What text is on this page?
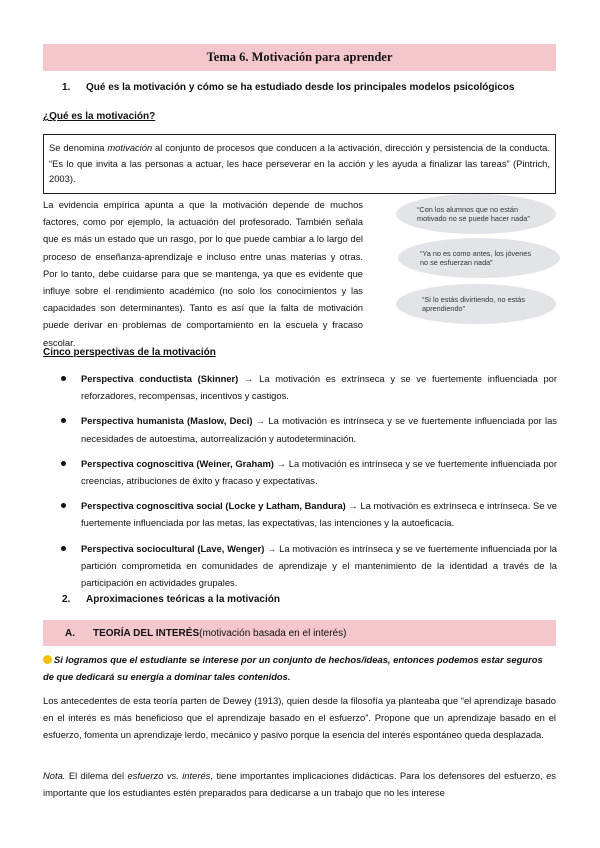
Tema 6. Motivación para aprender
1. Qué es la motivación y cómo se ha estudiado desde los principales modelos psicológicos
¿Qué es la motivación?
Se denomina motivación al conjunto de procesos que conducen a la activación, dirección y persistencia de la conducta. “Es lo que invita a las personas a actuar, les hace perseverar en la acción y les ayuda a finalizar las tareas” (Pintrich, 2003).
La evidencia empírica apunta a que la motivación depende de muchos factores, como por ejemplo, la actuación del profesorado. También señala que es más un estado que un rasgo, por lo que puede cambiar a lo largo del proceso de enseñanza-aprendizaje e incluso entre unas materias y otras. Por lo tanto, debe cuidarse para que se mantenga, ya que es evidente que influye sobre el rendimiento académico (no solo los conocimientos y las capacidades son determinantes). Tanto es así que la falta de motivación puede derivar en problemas de comportamiento en la escuela y fracaso escolar.
“Con los alumnos que no están motivado no se puede hacer nada”
“Ya no es como antes, los jóvenes no se esfuerzan nada”
“Si lo estás divirtiendo, no estás aprendiendo”
Cinco perspectivas de la motivación
Perspectiva conductista (Skinner) → La motivación es extrínseca y se ve fuertemente influenciada por reforzadores, recompensas, incentivos y castigos.
Perspectiva humanista (Maslow, Deci) → La motivación es intrínseca y se ve fuertemente influenciada por las necesidades de autoestima, autorrealización y autodeterminación.
Perspectiva cognoscitiva (Weiner, Graham) → La motivación es intrínseca y se ve fuertemente influenciada por creencias, atribuciones de éxito y fracaso y expectativas.
Perspectiva cognoscitiva social (Locke y Latham, Bandura) → La motivación es extrínseca e intrínseca. Se ve fuertemente influenciada por las metas, las expectativas, las intenciones y la autoeficacia.
Perspectiva sociocultural (Lave, Wenger) → La motivación es intrínseca y se ve fuertemente influenciada por la partición comprometida en comunidades de aprendizaje y el mantenimiento de la identidad a través de la participación en actividades grupales.
2. Aproximaciones teóricas a la motivación
A.	TEORÍA DEL INTERÉS (motivación basada en el interés)
Si logramos que el estudiante se interese por un conjunto de hechos/ideas, entonces podemos estar seguros de que dedicará su energía a dominar tales contenidos.
Los antecedentes de esta teoría parten de Dewey (1913), quien desde la filosofía ya planteaba que “el aprendizaje basado en el interés es más beneficioso que el aprendizaje basado en el esfuerzo”. Propone que un aprendizaje basado en el esfuerzo, fomenta un aprendizaje lerdo, mecánico y pasivo porque la esencia del interés espontáneo queda desplazada.
Nota. El dilema del esfuerzo vs. interés, tiene importantes implicaciones didácticas. Para los defensores del esfuerzo, es importante que los estudiantes estén preparados para dedicarse a un trabajo que no les interese
